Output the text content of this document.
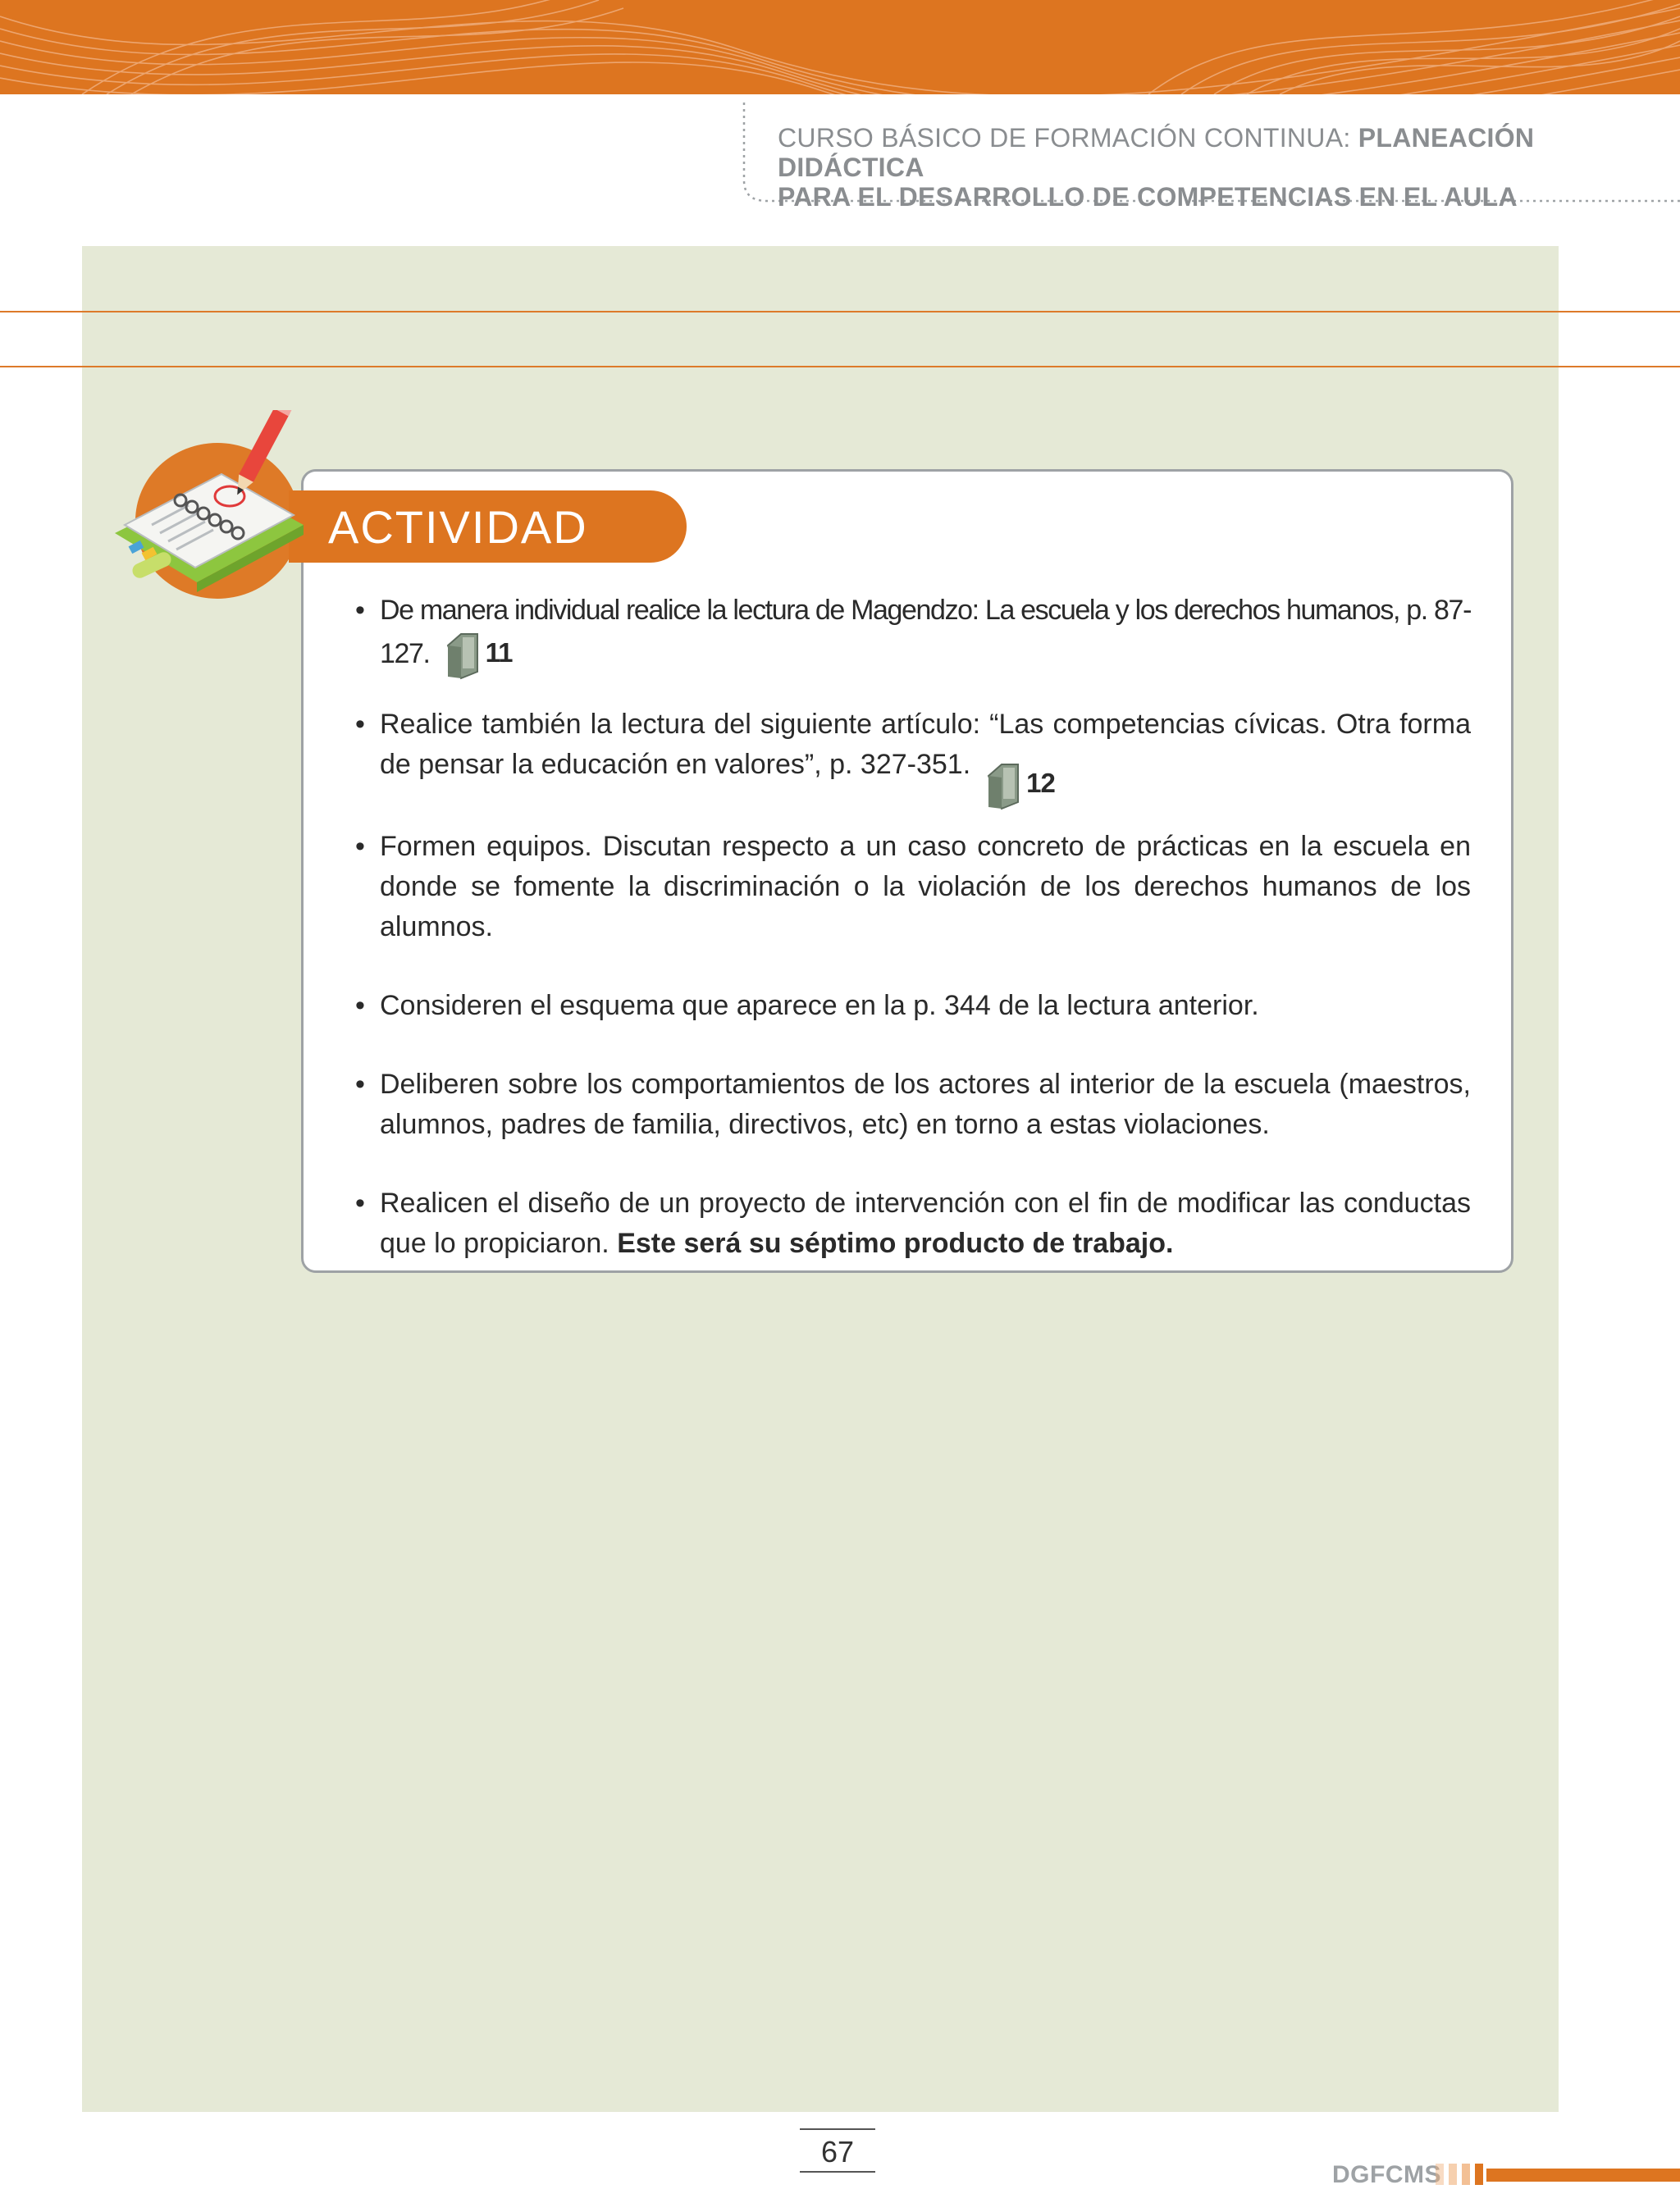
CURSO BÁSICO DE FORMACIÓN CONTINUA: PLANEACIÓN DIDÁCTICA
PARA EL DESARROLLO DE COMPETENCIAS EN EL AULA
ACTIVIDAD
• De manera individual realice la lectura de Magendzo: La escuela y los derechos humanos, p. 87-127. 11
• Realice también la lectura del siguiente artículo: “Las competencias cívicas. Otra forma de pensar la educación en valores”, p. 327-351.
12
• Formen equipos. Discutan respecto a un caso concreto de prácticas en la escuela en donde se fomente la discriminación o la violación de los derechos humanos de los alumnos.
• Consideren el esquema que aparece en la p. 344 de la lectura anterior.
• Deliberen sobre los comportamientos de los actores al interior de la escuela (maestros, alumnos, padres de familia, directivos, etc) en torno a estas violaciones.
• Realicen el diseño de un proyecto de intervención con el fin de modificar las conductas que lo propiciaron. Este será su séptimo producto de trabajo.
67
DGFCMS
